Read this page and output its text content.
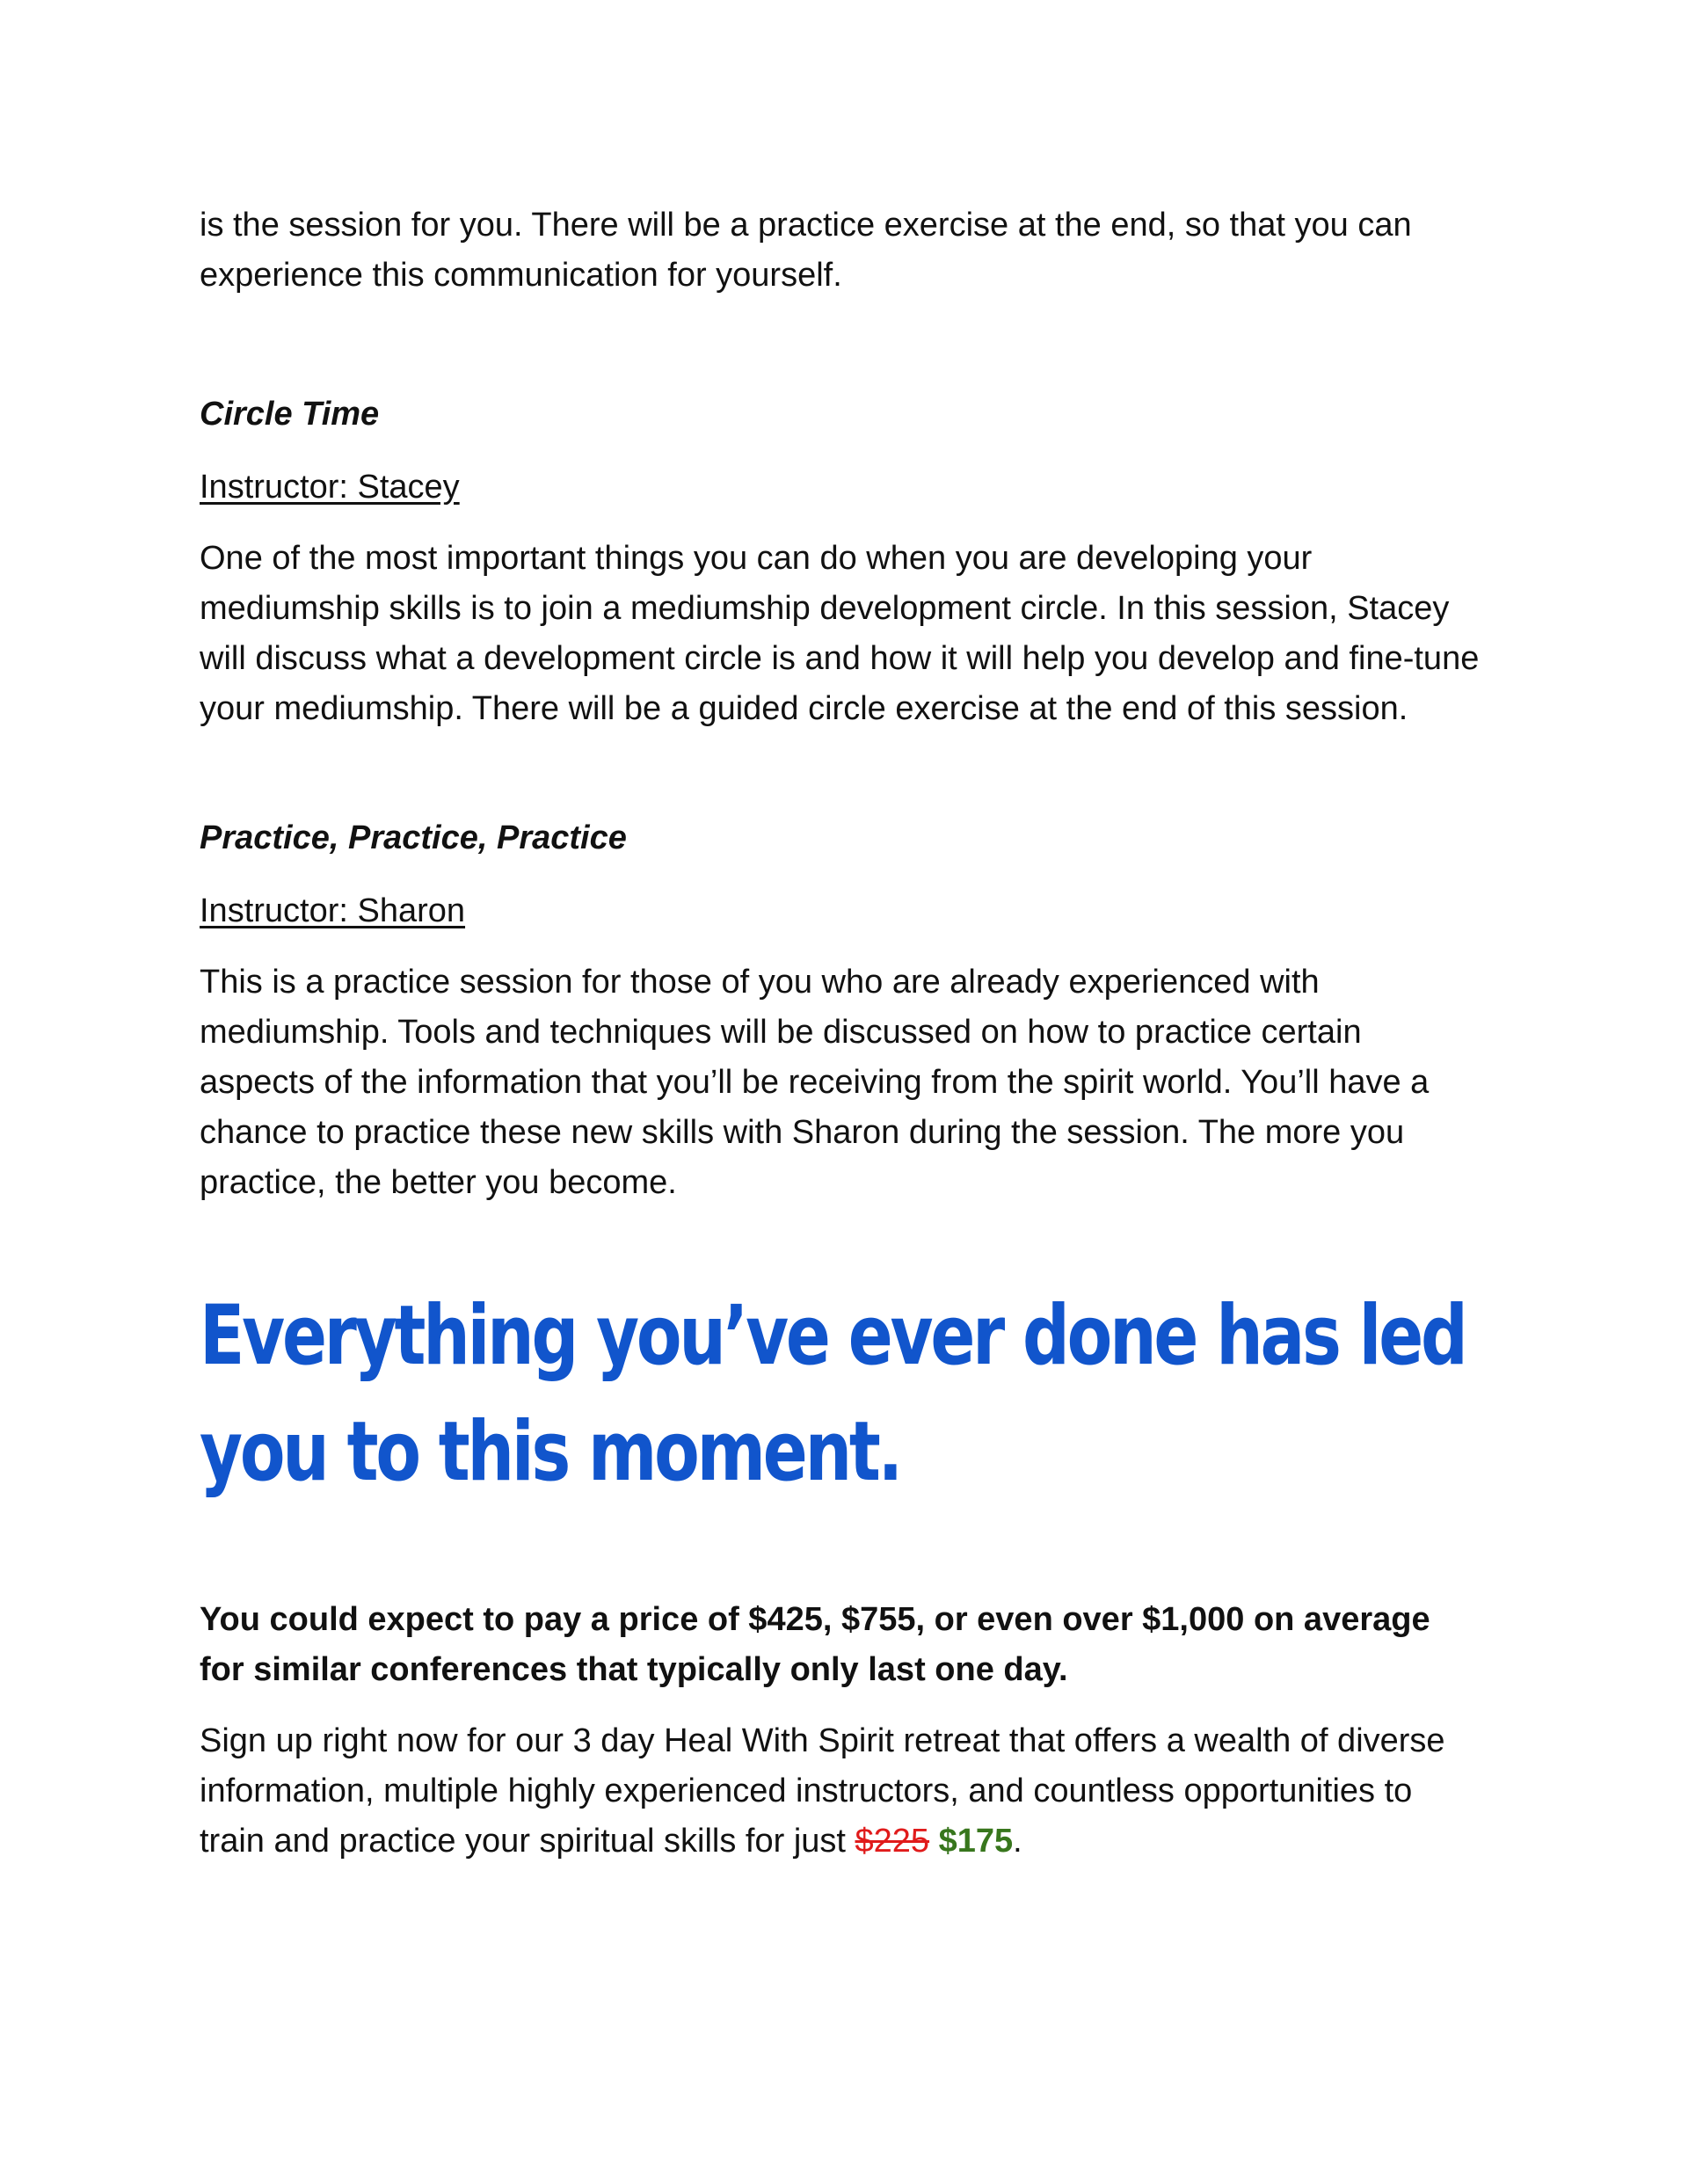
is the session for you. There will be a practice exercise at the end, so that you can experience this communication for yourself.

Circle Time

Instructor: Stacey

One of the most important things you can do when you are developing your mediumship skills is to join a mediumship development circle. In this session, Stacey will discuss what a development circle is and how it will help you develop and fine-tune your mediumship. There will be a guided circle exercise at the end of this session.

Practice, Practice, Practice

Instructor: Sharon

This is a practice session for those of you who are already experienced with mediumship. Tools and techniques will be discussed on how to practice certain aspects of the information that you’ll be receiving from the spirit world. You’ll have a chance to practice these new skills with Sharon during the session. The more you practice, the better you become.

Everything you’ve ever done has led you to this moment.

You could expect to pay a price of $425, $755, or even over $1,000 on average for similar conferences that typically only last one day.

Sign up right now for our 3 day Heal With Spirit retreat that offers a wealth of diverse information, multiple highly experienced instructors, and countless opportunities to train and practice your spiritual skills for just $225 $175.
